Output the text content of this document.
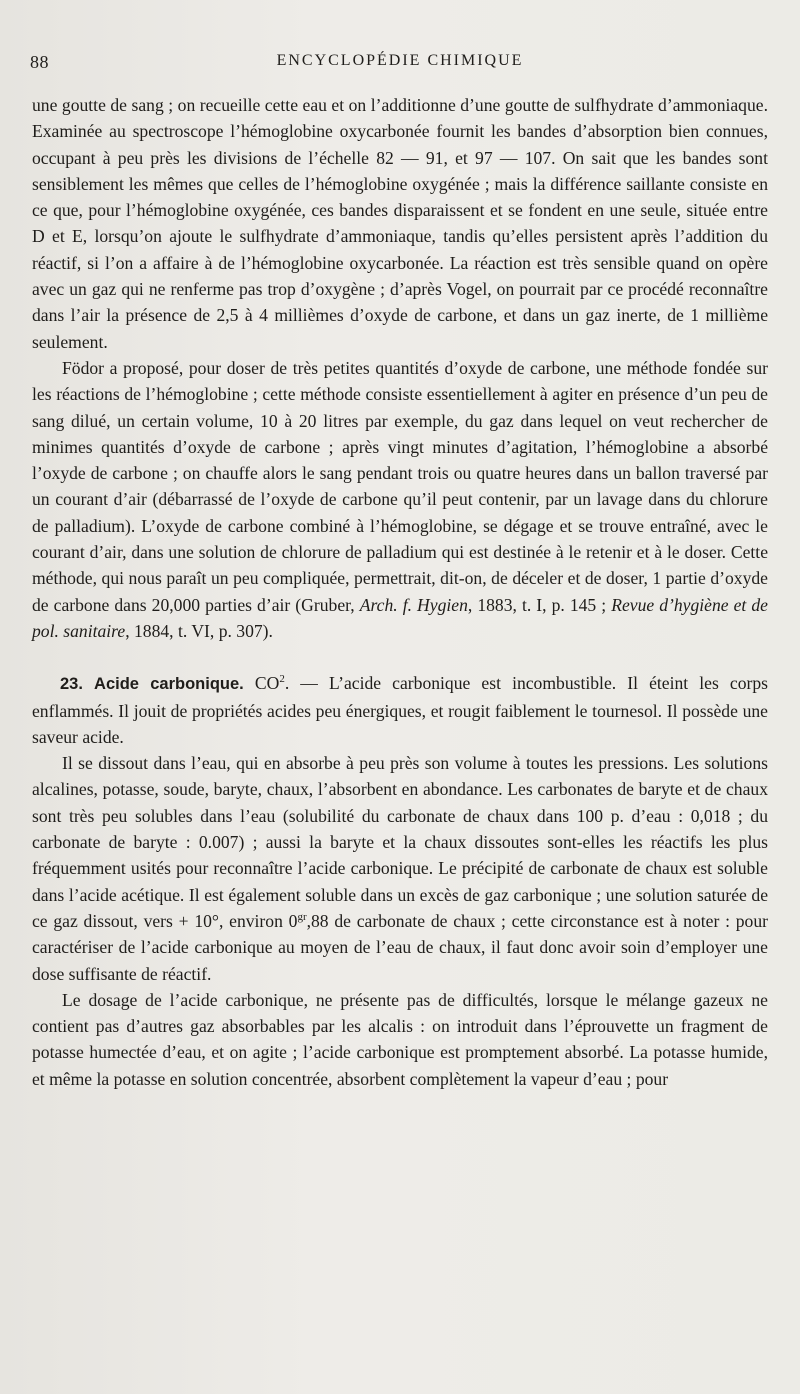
88	ENCYCLOPÉDIE CHIMIQUE

une goutte de sang ; on recueille cette eau et on l’additionne d’une goutte de sulfhydrate d’ammoniaque. Examinée au spectroscope l’hémoglobine oxycarbonée fournit les bandes d’absorption bien connues, occupant à peu près les divisions de l’échelle 82 — 91, et 97 — 107. On sait que les bandes sont sensiblement les mêmes que celles de l’hémoglobine oxygénée ; mais la différence saillante consiste en ce que, pour l’hémoglobine oxygénée, ces bandes disparaissent et se fondent en une seule, située entre D et E, lorsqu’on ajoute le sulfhydrate d’ammoniaque, tandis qu’elles persistent après l’addition du réactif, si l’on a affaire à de l’hémoglobine oxycarbonée. La réaction est très sensible quand on opère avec un gaz qui ne renferme pas trop d’oxygène ; d’après Vogel, on pourrait par ce procédé reconnaître dans l’air la présence de 2,5 à 4 millièmes d’oxyde de carbone, et dans un gaz inerte, de 1 millième seulement.

Födor a proposé, pour doser de très petites quantités d’oxyde de carbone, une méthode fondée sur les réactions de l’hémoglobine ; cette méthode consiste essentiellement à agiter en présence d’un peu de sang dilué, un certain volume, 10 à 20 litres par exemple, du gaz dans lequel on veut rechercher de minimes quantités d’oxyde de carbone ; après vingt minutes d’agitation, l’hémoglobine a absorbé l’oxyde de carbone ; on chauffe alors le sang pendant trois ou quatre heures dans un ballon traversé par un courant d’air (débarrassé de l’oxyde de carbone qu’il peut contenir, par un lavage dans du chlorure de palladium). L’oxyde de carbone combiné à l’hémoglobine, se dégage et se trouve entraîné, avec le courant d’air, dans une solution de chlorure de palladium qui est destinée à le retenir et à le doser. Cette méthode, qui nous paraît un peu compliquée, permettrait, dit-on, de déceler et de doser, 1 partie d’oxyde de carbone dans 20,000 parties d’air (Gruber, Arch. f. Hygien, 1883, t. I, p. 145 ; Revue d’hygiène et de pol. sanitaire, 1884, t. VI, p. 307).

23. Acide carbonique. $CO^2$. — L’acide carbonique est incombustible. Il éteint les corps enflammés. Il jouit de propriétés acides peu énergiques, et rougit faiblement le tournesol. Il possède une saveur acide.

Il se dissout dans l’eau, qui en absorbe à peu près son volume à toutes les pressions. Les solutions alcalines, potasse, soude, baryte, chaux, l’absorbent en abondance. Les carbonates de baryte et de chaux sont très peu solubles dans l’eau (solubilité du carbonate de chaux dans 100 p. d’eau : 0,018 ; du carbonate de baryte : 0.007) ; aussi la baryte et la chaux dissoutes sont-elles les réactifs les plus fréquemment usités pour reconnaître l’acide carbonique. Le précipité de carbonate de chaux est soluble dans l’acide acétique. Il est également soluble dans un excès de gaz carbonique ; une solution saturée de ce gaz dissout, vers + 10°, environ $0^{gr},88$ de carbonate de chaux ; cette circonstance est à noter : pour caractériser de l’acide carbonique au moyen de l’eau de chaux, il faut donc avoir soin d’employer une dose suffisante de réactif.

Le dosage de l’acide carbonique, ne présente pas de difficultés, lorsque le mélange gazeux ne contient pas d’autres gaz absorbables par les alcalis : on introduit dans l’éprouvette un fragment de potasse humectée d’eau, et on agite ; l’acide carbonique est promptement absorbé. La potasse humide, et même la potasse en solution concentrée, absorbent complètement la vapeur d’eau ; pour
